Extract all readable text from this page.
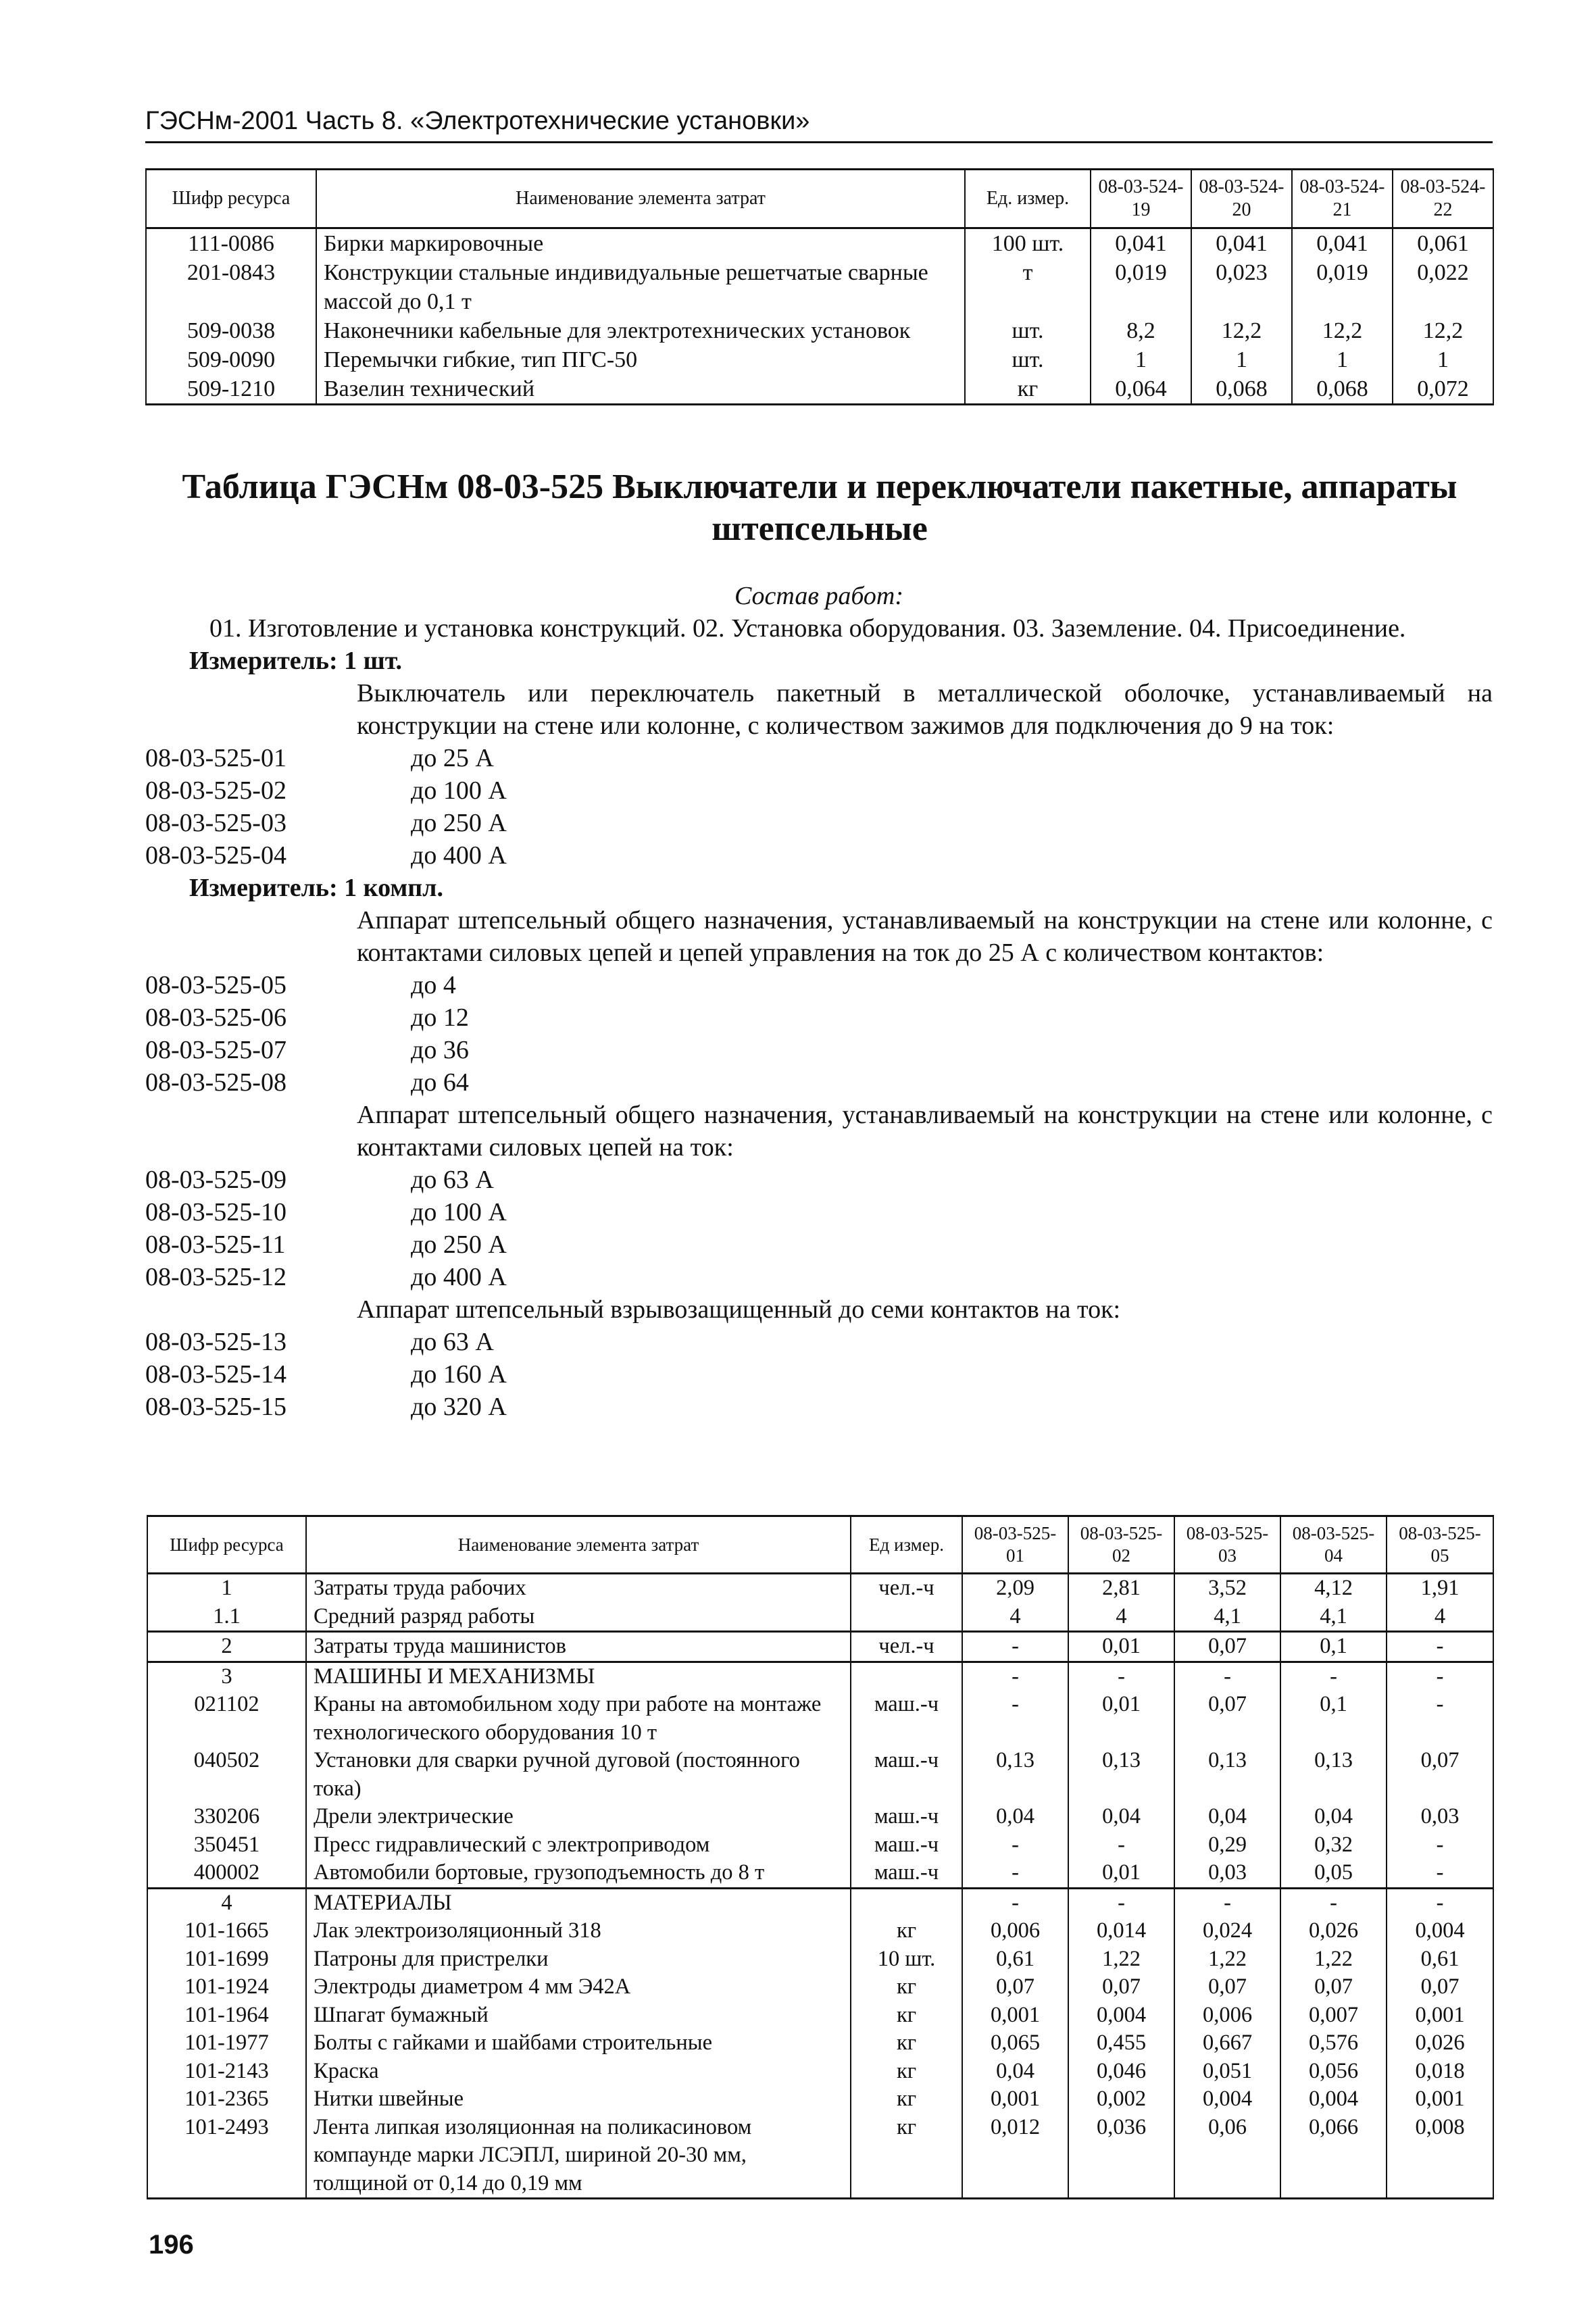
ГЭСНм-2001 Часть 8. «Электротехнические установки»
Шифр ресурса	Наименование элемента затрат	Ед. измер.	08-03-524-19	08-03-524-20	08-03-524-21	08-03-524-22
111-0086	Бирки маркировочные	100 шт.	0,041	0,041	0,041	0,061
201-0843	Конструкции стальные индивидуальные решетчатые сварные массой до 0,1 т	т	0,019	0,023	0,019	0,022
509-0038	Наконечники кабельные для электротехнических установок	шт.	8,2	12,2	12,2	12,2
509-0090	Перемычки гибкие, тип ПГС-50	шт.	1	1	1	1
509-1210	Вазелин технический	кг	0,064	0,068	0,068	0,072
Таблица ГЭСНм 08-03-525 Выключатели и переключатели пакетные, аппараты штепсельные

Состав работ:

01. Изготовление и установка конструкций. 02. Установка оборудования. 03. Заземление. 04. Присоединение.

Измеритель: 1 шт.

Выключатель или переключатель пакетный в металлической оболочке, устанавливаемый на конструкции на стене или колонне, с количеством зажимов для подключения до 9 на ток:

08-03-525-01	до 25 А
08-03-525-02	до 100 А
08-03-525-03	до 250 А
08-03-525-04	до 400 А

Измеритель: 1 компл.

Аппарат штепсельный общего назначения, устанавливаемый на конструкции на стене или колонне, с контактами силовых цепей и цепей управления на ток до 25 А с количеством контактов:

08-03-525-05	до 4
08-03-525-06	до 12
08-03-525-07	до 36
08-03-525-08	до 64

Аппарат штепсельный общего назначения, устанавливаемый на конструкции на стене или колонне, с контактами силовых цепей на ток:

08-03-525-09	до 63 А
08-03-525-10	до 100 А
08-03-525-11	до 250 А
08-03-525-12	до 400 А

Аппарат штепсельный взрывозащищенный до семи контактов на ток:

08-03-525-13	до 63 А
08-03-525-14	до 160 А
08-03-525-15	до 320 А
Шифр ресурса	Наименование элемента затрат	Ед измер.	08-03-525-01	08-03-525-02	08-03-525-03	08-03-525-04	08-03-525-05
1	Затраты труда рабочих	чел.-ч	2,09	2,81	3,52	4,12	1,91
1.1	Средний разряд работы		4	4	4,1	4,1	4
2	Затраты труда машинистов	чел.-ч	-	0,01	0,07	0,1	-
3	МАШИНЫ И МЕХАНИЗМЫ		-	-	-	-	-
021102	Краны на автомобильном ходу при работе на монтаже технологического оборудования 10 т	маш.-ч	-	0,01	0,07	0,1	-
040502	Установки для сварки ручной дуговой (постоянного тока)	маш.-ч	0,13	0,13	0,13	0,13	0,07
330206	Дрели электрические	маш.-ч	0,04	0,04	0,04	0,04	0,03
350451	Пресс гидравлический с электроприводом	маш.-ч	-	-	0,29	0,32	-
400002	Автомобили бортовые, грузоподъемность до 8 т	маш.-ч	-	0,01	0,03	0,05	-
4	МАТЕРИАЛЫ		-	-	-	-	-
101-1665	Лак электроизоляционный 318	кг	0,006	0,014	0,024	0,026	0,004
101-1699	Патроны для пристрелки	10 шт.	0,61	1,22	1,22	1,22	0,61
101-1924	Электроды диаметром 4 мм Э42А	кг	0,07	0,07	0,07	0,07	0,07
101-1964	Шпагат бумажный	кг	0,001	0,004	0,006	0,007	0,001
101-1977	Болты с гайками и шайбами строительные	кг	0,065	0,455	0,667	0,576	0,026
101-2143	Краска	кг	0,04	0,046	0,051	0,056	0,018
101-2365	Нитки швейные	кг	0,001	0,002	0,004	0,004	0,001
101-2493	Лента липкая изоляционная на поликасиновом компаунде марки ЛСЭПЛ, шириной 20-30 мм, толщиной от 0,14 до 0,19 мм	кг	0,012	0,036	0,06	0,066	0,008
196
